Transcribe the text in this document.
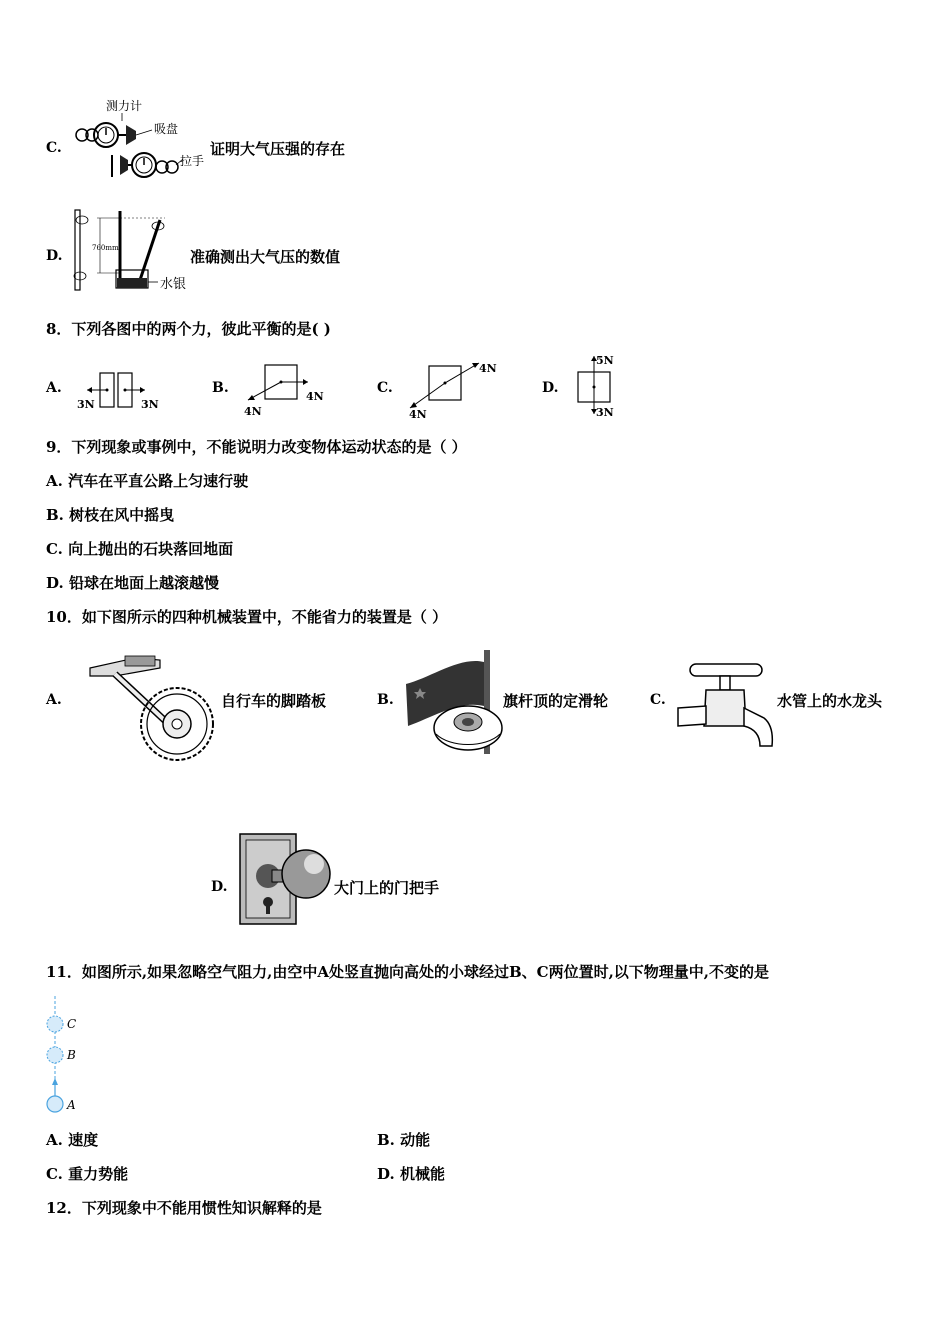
C.
测力计
吸盘
拉手
证明大气压强的存在
D.	760mm
水银
准确测出大气压的数值
8．下列各图中的两个力，彼此平衡的是( )
A.
3N	3N
B.
4N
4N
C.
4N
4N
D.
5N
3N
9．下列现象或事例中，不能说明力改变物体运动状态的是（ ）
A. 汽车在平直公路上匀速行驶
B. 树枝在风中摇曳
C. 向上抛出的石块落回地面
D. 铅球在地面上越滚越慢
10．如下图所示的四种机械装置中，不能省力的装置是（ ）
A.	自行车的脚踏板	B.	旗杆顶的定滑轮	C.	水管上的水龙头
D.	大门上的门把手
11．如图所示,如果忽略空气阻力,由空中A处竖直抛向高处的小球经过B、C两位置时,以下物理量中,不变的是
C
B
A
A. 速度	B. 动能
C. 重力势能	D. 机械能
12．下列现象中不能用惯性知识解释的是
